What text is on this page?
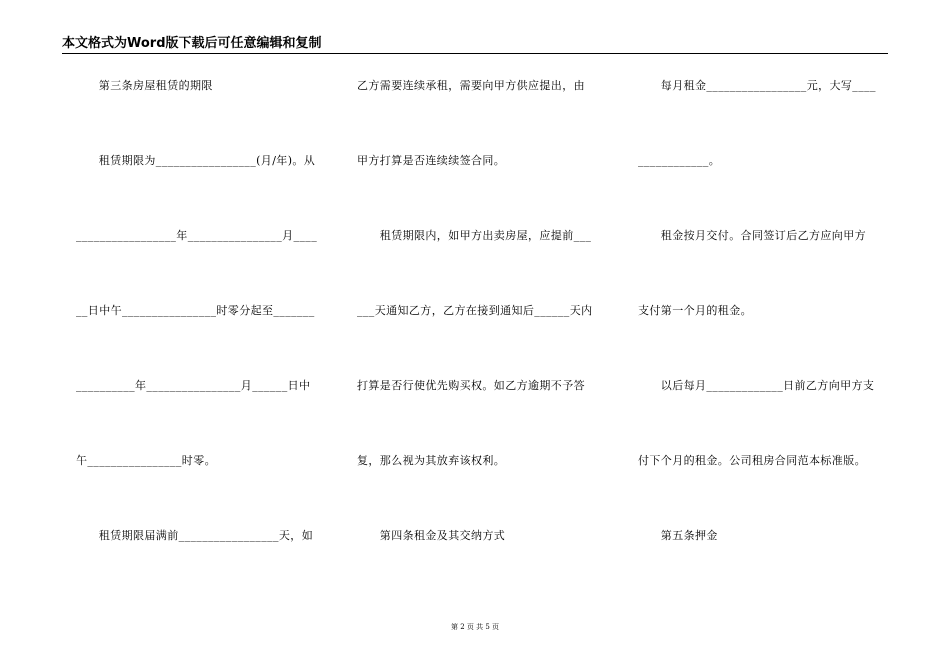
本文格式为Word版下载后可任意编辑和复制
　　第三条房屋租赁的期限
　　租赁期限为_________________(月/年)。从
_________________年________________月____
__日中午________________时零分起至_______
__________年________________月______日中
午________________时零。
　　租赁期限届满前_________________天，如
乙方需要连续承租，需要向甲方供应提出，由
甲方打算是否连续续签合同。
　　租赁期限内，如甲方出卖房屋，应提前___
___天通知乙方，乙方在接到通知后______天内
打算是否行使优先购买权。如乙方逾期不予答
复，那么视为其放弃该权利。
　　第四条租金及其交纳方式
　　每月租金_________________元，大写____
____________。
　　租金按月交付。合同签订后乙方应向甲方
支付第一个月的租金。
　　以后每月_____________日前乙方向甲方支
付下个月的租金。公司租房合同范本标准版。
　　第五条押金
第 2 页 共 5 页
